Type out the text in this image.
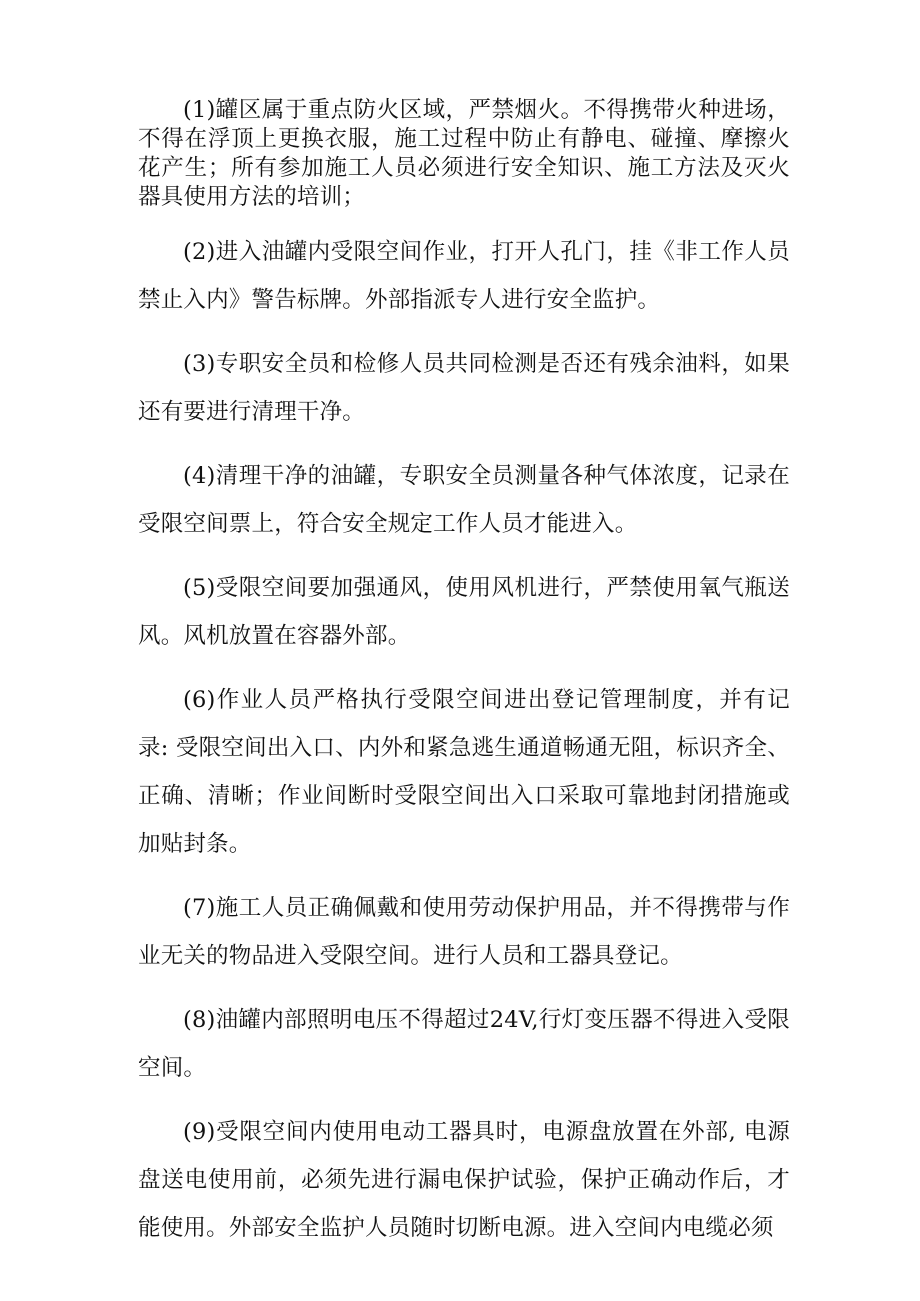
(1)罐区属于重点防火区域，严禁烟火。不得携带火种进场，不得在浮顶上更换衣服，施工过程中防止有静电、碰撞、摩擦火花产生；所有参加施工人员必须进行安全知识、施工方法及灭火器具使用方法的培训；

(2)进入油罐内受限空间作业，打开人孔门，挂《非工作人员禁止入内》警告标牌。外部指派专人进行安全监护。

(3)专职安全员和检修人员共同检测是否还有残余油料，如果还有要进行清理干净。

(4)清理干净的油罐，专职安全员测量各种气体浓度，记录在受限空间票上，符合安全规定工作人员才能进入。

(5)受限空间要加强通风，使用风机进行，严禁使用氧气瓶送风。风机放置在容器外部。

(6)作业人员严格执行受限空间进出登记管理制度，并有记录: 受限空间出入口、内外和紧急逃生通道畅通无阻，标识齐全、正确、清晰；作业间断时受限空间出入口采取可靠地封闭措施或加贴封条。

(7)施工人员正确佩戴和使用劳动保护用品，并不得携带与作业无关的物品进入受限空间。进行人员和工器具登记。

(8)油罐内部照明电压不得超过24V,行灯变压器不得进入受限空间。

(9)受限空间内使用电动工器具时，电源盘放置在外部, 电源盘送电使用前，必须先进行漏电保护试验，保护正确动作后，才能使用。外部安全监护人员随时切断电源。进入空间内电缆必须
